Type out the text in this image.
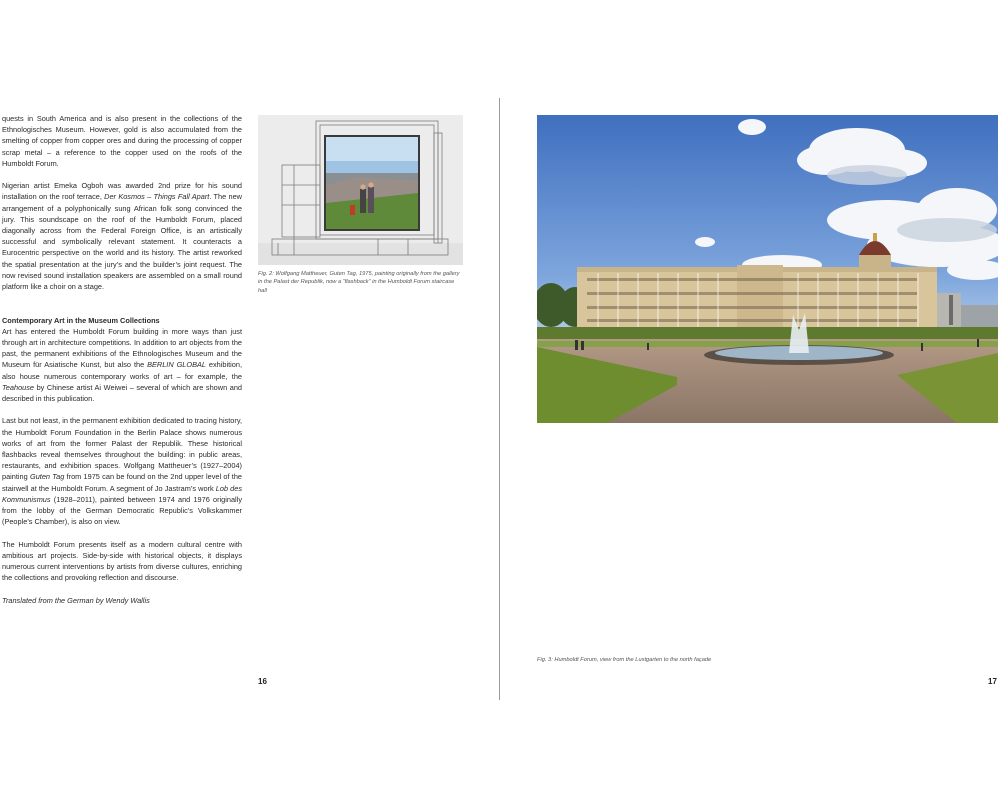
quests in South America and is also present in the collections of the Ethnologisches Museum. However, gold is also accumulated from the smelting of copper from copper ores and during the processing of copper scrap metal – a reference to the copper used on the roofs of the Humboldt Forum.

Nigerian artist Emeka Ogboh was awarded 2nd prize for his sound installation on the roof terrace, Der Kosmos – Things Fall Apart. The new arrangement of a polyphonically sung African folk song convinced the jury. This soundscape on the roof of the Humboldt Forum, placed diagonally across from the Federal Foreign Office, is an artistically successful and symbolically relevant statement. It counteracts a Eurocentric perspective on the world and its history. The artist reworked the spatial presentation at the jury’s and the builder’s joint request. The now revised sound installation speakers are assembled on a small round platform like a choir on a stage.

Contemporary Art in the Museum Collections

Art has entered the Humboldt Forum building in more ways than just through art in architecture competitions. In addition to art objects from the past, the permanent exhibitions of the Ethnologisches Museum and the Museum für Asiatische Kunst, but also the BERLIN GLOBAL exhibition, also house numerous contemporary works of art – for example, the Teahouse by Chinese artist Ai Weiwei – several of which are shown and described in this publication.

Last but not least, in the permanent exhibition dedicated to tracing history, the Humboldt Forum Foundation in the Berlin Palace shows numerous works of art from the former Palast der Republik. These historical flashbacks reveal themselves throughout the building: in public areas, restaurants, and exhibition spaces. Wolfgang Mattheuer’s (1927–2004) painting Guten Tag from 1975 can be found on the 2nd upper level of the stairwell at the Humboldt Forum. A segment of Jo Jastram’s work Lob des Kommunismus (1928–2011), painted between 1974 and 1976 originally from the lobby of the German Democratic Republic’s Volkskammer (People’s Chamber), is also on view.

The Humboldt Forum presents itself as a modern cultural centre with ambitious art projects. Side-by-side with historical objects, it displays numerous current interventions by artists from diverse cultures, enriching the collections and provoking reflection and discourse.

Translated from the German by Wendy Wallis

Fig. 2: Wolfgang Mattheuer, Guten Tag, 1975, painting originally from the gallery in the Palast der Republik, now a “flashback” in the Humboldt Forum staircase hall
16
Fig. 3: Humboldt Forum, view from the Lustgarten to the north façade
17
